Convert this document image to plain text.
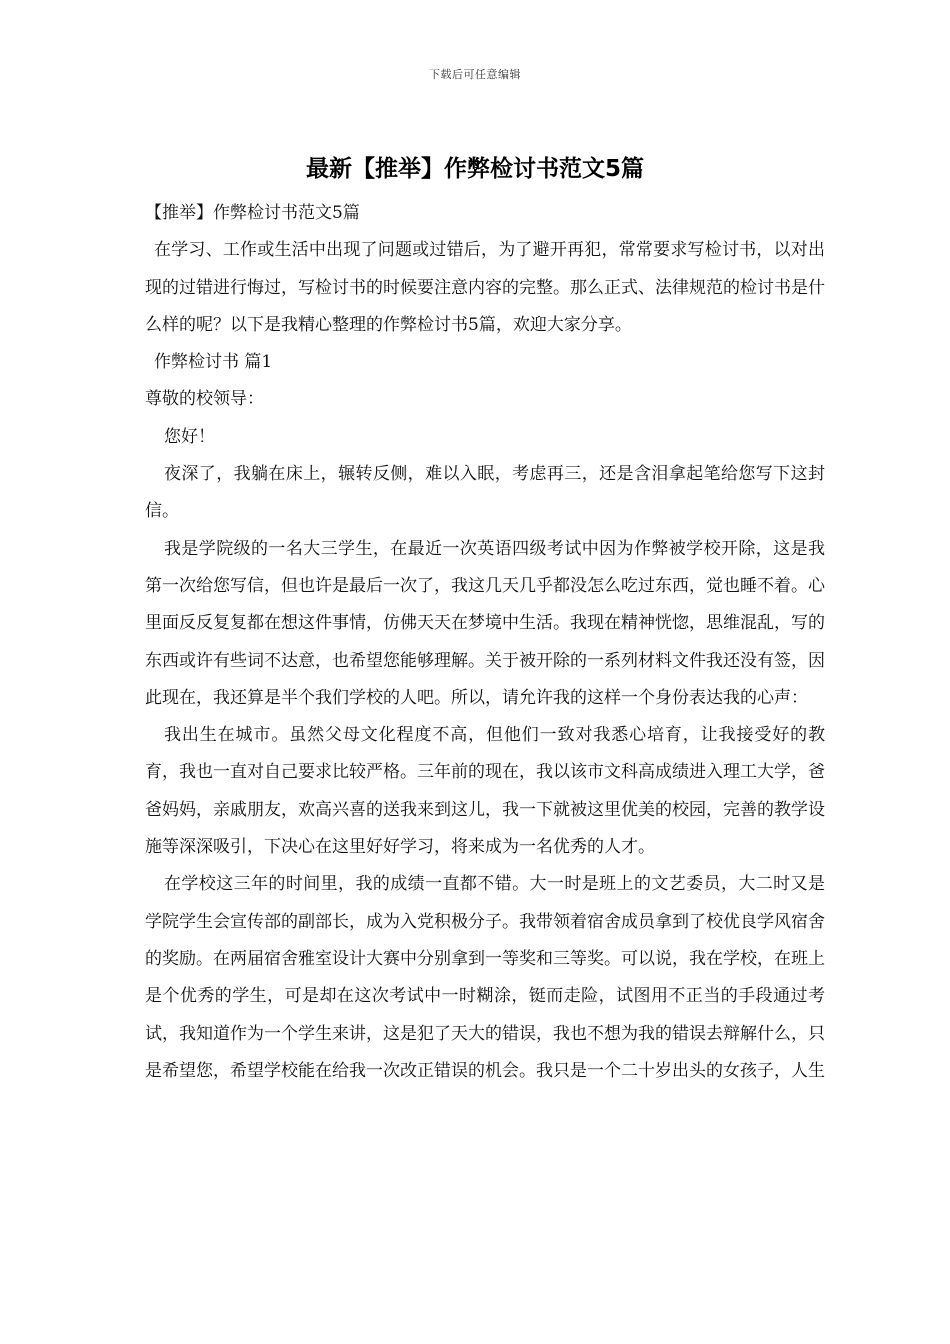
下载后可任意编辑
最新【推举】作弊检讨书范文5篇

【推举】作弊检讨书范文5篇

在学习、工作或生活中出现了问题或过错后，为了避开再犯，常常要求写检讨书，以对出现的过错进行悔过，写检讨书的时候要注意内容的完整。那么正式、法律规范的检讨书是什么样的呢？以下是我精心整理的作弊检讨书5篇，欢迎大家分享。

作弊检讨书 篇1

尊敬的校领导：

您好！

夜深了，我躺在床上，辗转反侧，难以入眠，考虑再三，还是含泪拿起笔给您写下这封信。

我是学院级的一名大三学生，在最近一次英语四级考试中因为作弊被学校开除，这是我第一次给您写信，但也许是最后一次了，我这几天几乎都没怎么吃过东西，觉也睡不着。心里面反反复复都在想这件事情，仿佛天天在梦境中生活。我现在精神恍惚，思维混乱，写的东西或许有些词不达意，也希望您能够理解。关于被开除的一系列材料文件我还没有签，因此现在，我还算是半个我们学校的人吧。所以，请允许我的这样一个身份表达我的心声：

我出生在城市。虽然父母文化程度不高，但他们一致对我悉心培育，让我接受好的教育，我也一直对自己要求比较严格。三年前的现在，我以该市文科高成绩进入理工大学，爸爸妈妈，亲戚朋友，欢高兴喜的送我来到这儿，我一下就被这里优美的校园，完善的教学设施等深深吸引，下决心在这里好好学习，将来成为一名优秀的人才。

在学校这三年的时间里，我的成绩一直都不错。大一时是班上的文艺委员，大二时又是学院学生会宣传部的副部长，成为入党积极分子。我带领着宿舍成员拿到了校优良学风宿舍的奖励。在两届宿舍雅室设计大赛中分别拿到一等奖和三等奖。可以说，我在学校，在班上是个优秀的学生，可是却在这次考试中一时糊涂，铤而走险，试图用不正当的手段通过考试，我知道作为一个学生来讲，这是犯了天大的错误，我也不想为我的错误去辩解什么，只是希望您，希望学校能在给我一次改正错误的机会。我只是一个二十岁出头的女孩子，人生
